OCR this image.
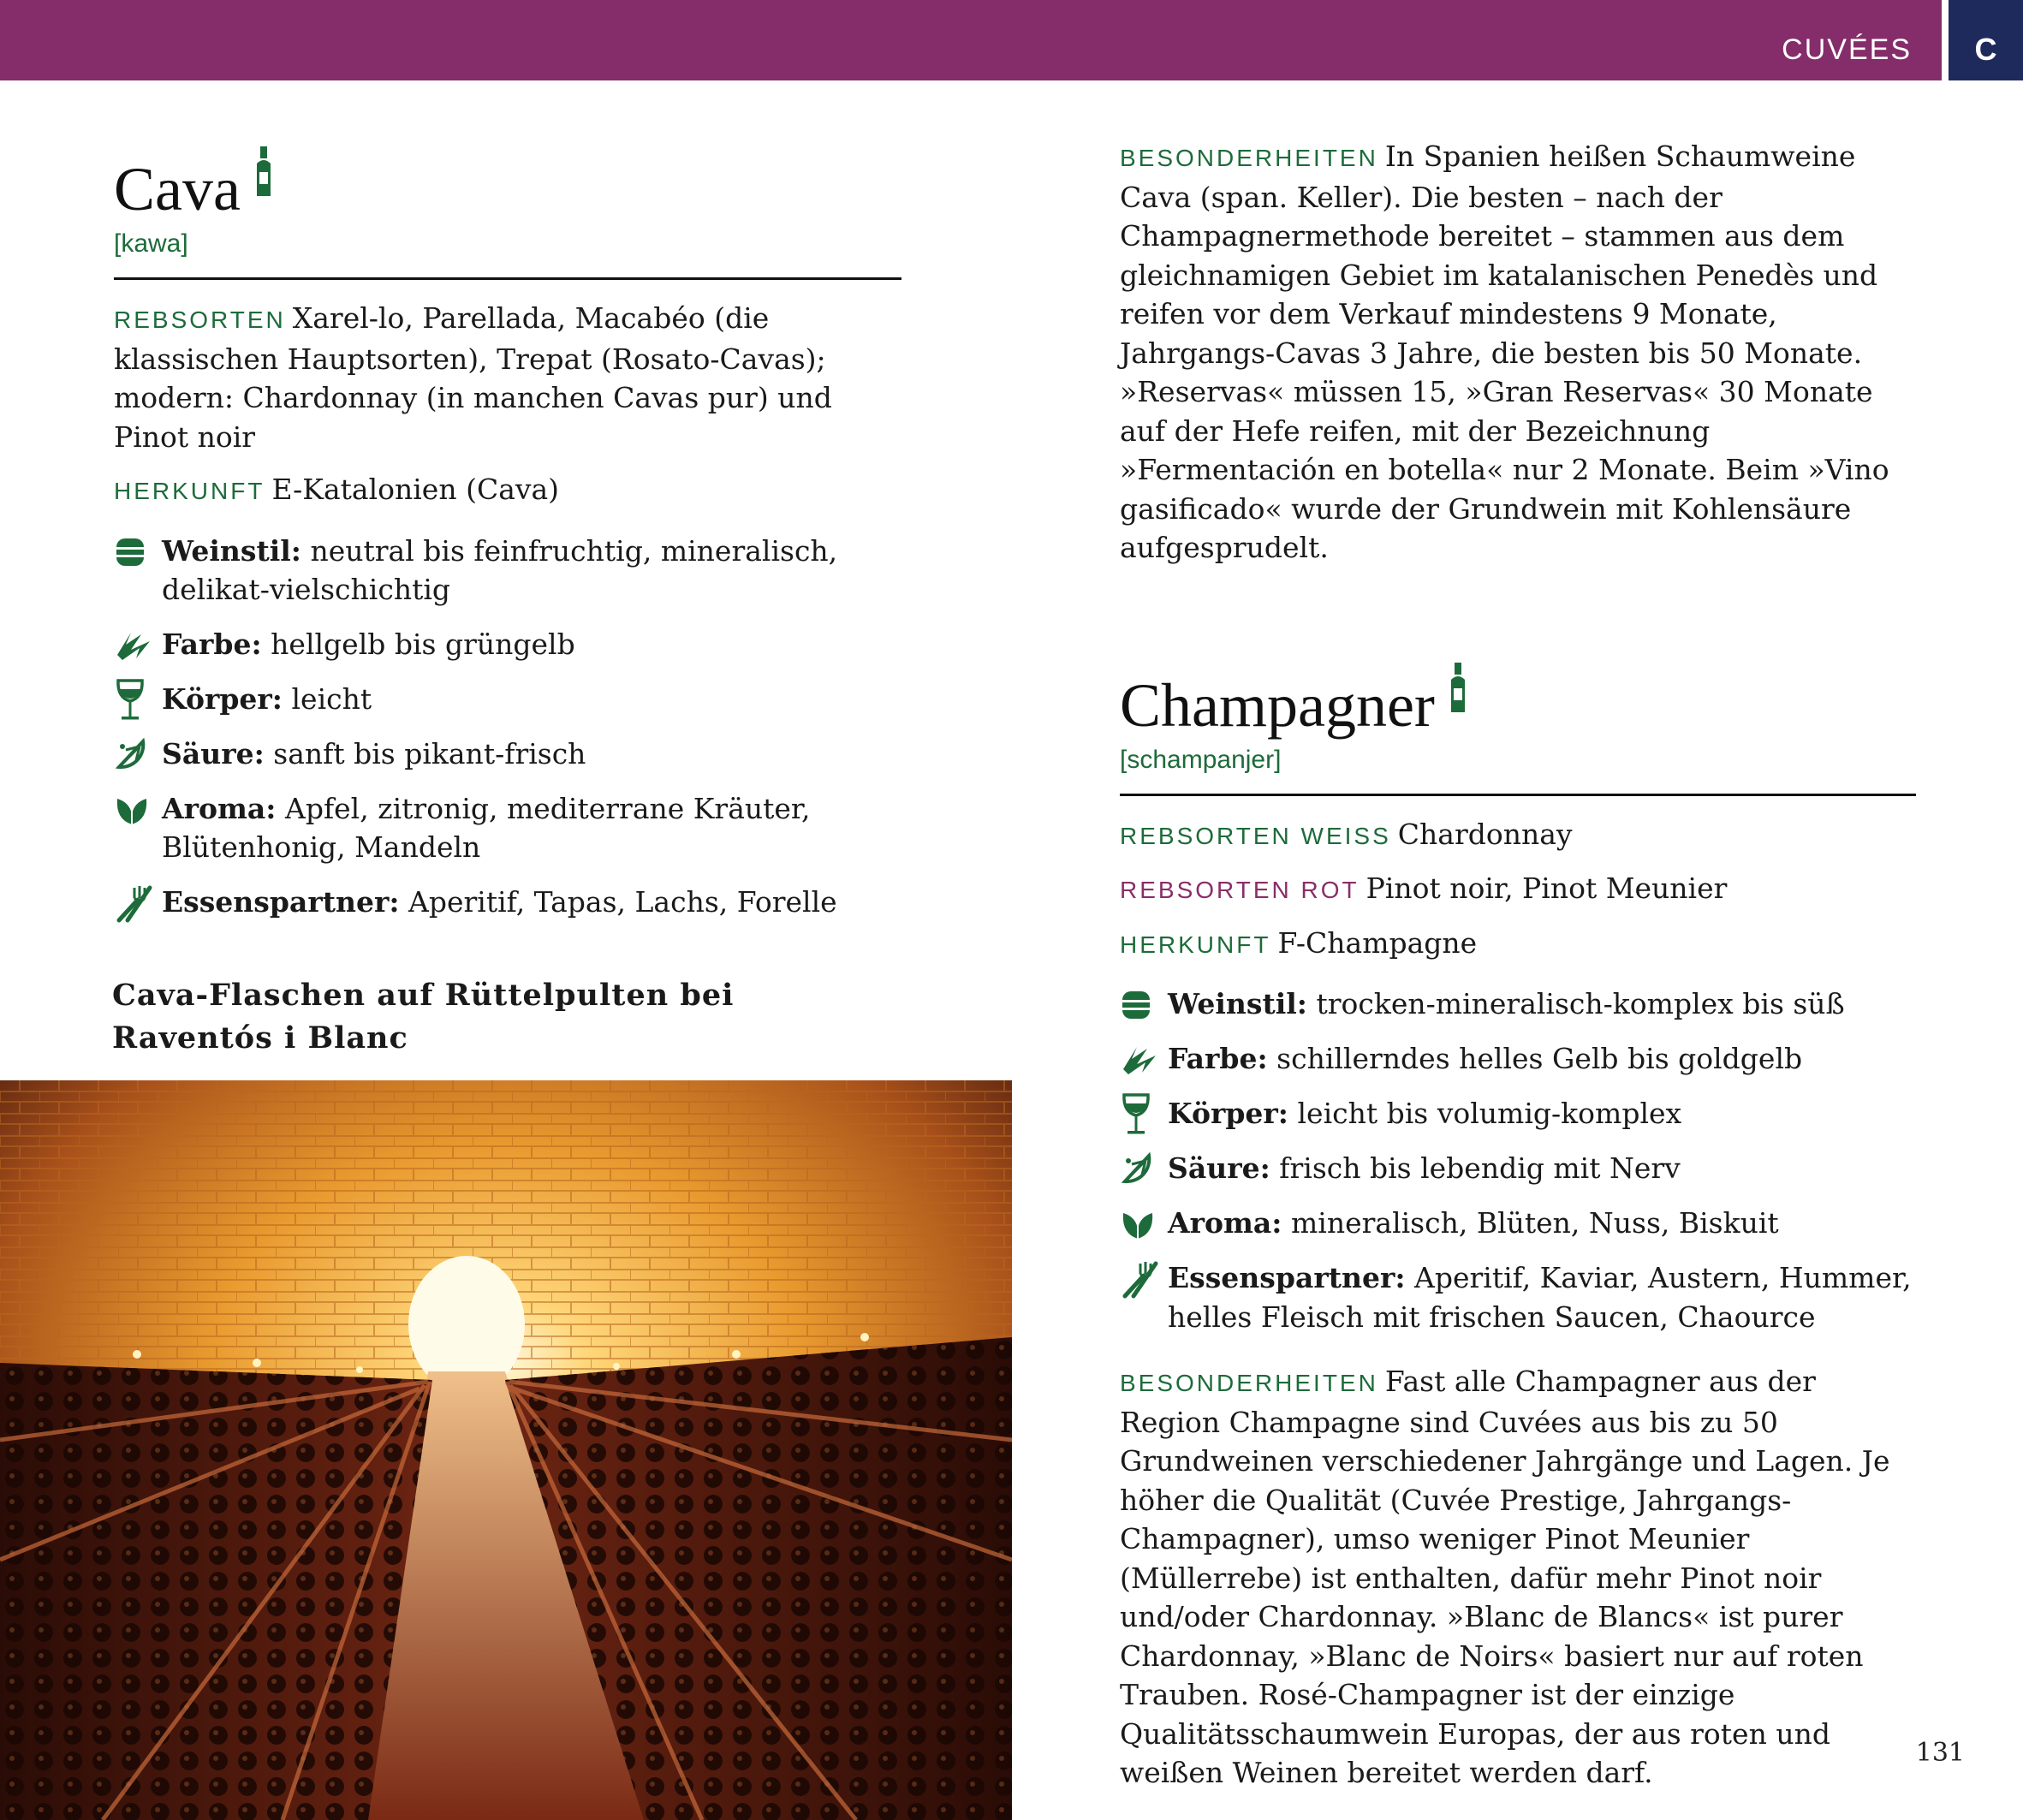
CUVÉES	C
Cava
[kawa]

REBSORTEN Xarel-lo, Parellada, Macabéo (die klassischen Hauptsorten), Trepat (Rosato-Cavas); modern: Chardonnay (in manchen Cavas pur) und Pinot noir

HERKUNFT E-Katalonien (Cava)

Weinstil: neutral bis feinfruchtig, mineralisch, delikat-vielschichtig
Farbe: hellgelb bis grüngelb
Körper: leicht
Säure: sanft bis pikant-frisch
Aroma: Apfel, zitronig, mediterrane Kräuter, Blütenhonig, Mandeln
Essenspartner: Aperitif, Tapas, Lachs, Forelle
Cava-Flaschen auf Rüttelpulten bei
Raventós i Blanc

BESONDERHEITEN In Spanien heißen Schaumweine Cava (span. Keller). Die besten – nach der Champagnermethode bereitet – stammen aus dem gleichnamigen Gebiet im katalanischen Penedès und reifen vor dem Verkauf mindestens 9 Monate, Jahrgangs-Cavas 3 Jahre, die besten bis 50 Monate. »Reservas« müssen 15, »Gran Reservas« 30 Monate auf der Hefe reifen, mit der Bezeichnung »Fermentación en botella« nur 2 Monate. Beim »Vino gasificado« wurde der Grundwein mit Kohlensäure aufgesprudelt.

Champagner
[schampanjer]

REBSORTEN WEISS Chardonnay

REBSORTEN ROT Pinot noir, Pinot Meunier

HERKUNFT F-Champagne

Weinstil: trocken-mineralisch-komplex bis süß
Farbe: schillerndes helles Gelb bis goldgelb
Körper: leicht bis volumig-komplex
Säure: frisch bis lebendig mit Nerv
Aroma: mineralisch, Blüten, Nuss, Biskuit
Essenspartner: Aperitif, Kaviar, Austern, Hummer, helles Fleisch mit frischen Saucen, Chaource

BESONDERHEITEN Fast alle Champagner aus der Region Champagne sind Cuvées aus bis zu 50 Grundweinen verschiedener Jahrgänge und Lagen. Je höher die Qualität (Cuvée Prestige, Jahrgangs-Champagner), umso weniger Pinot Meunier (Müllerrebe) ist enthalten, dafür mehr Pinot noir und/oder Chardonnay. »Blanc de Blancs« ist purer Chardonnay, »Blanc de Noirs« basiert nur auf roten Trauben. Rosé-Champagner ist der einzige Qualitätsschaumwein Europas, der aus roten und weißen Weinen bereitet werden darf.

131
